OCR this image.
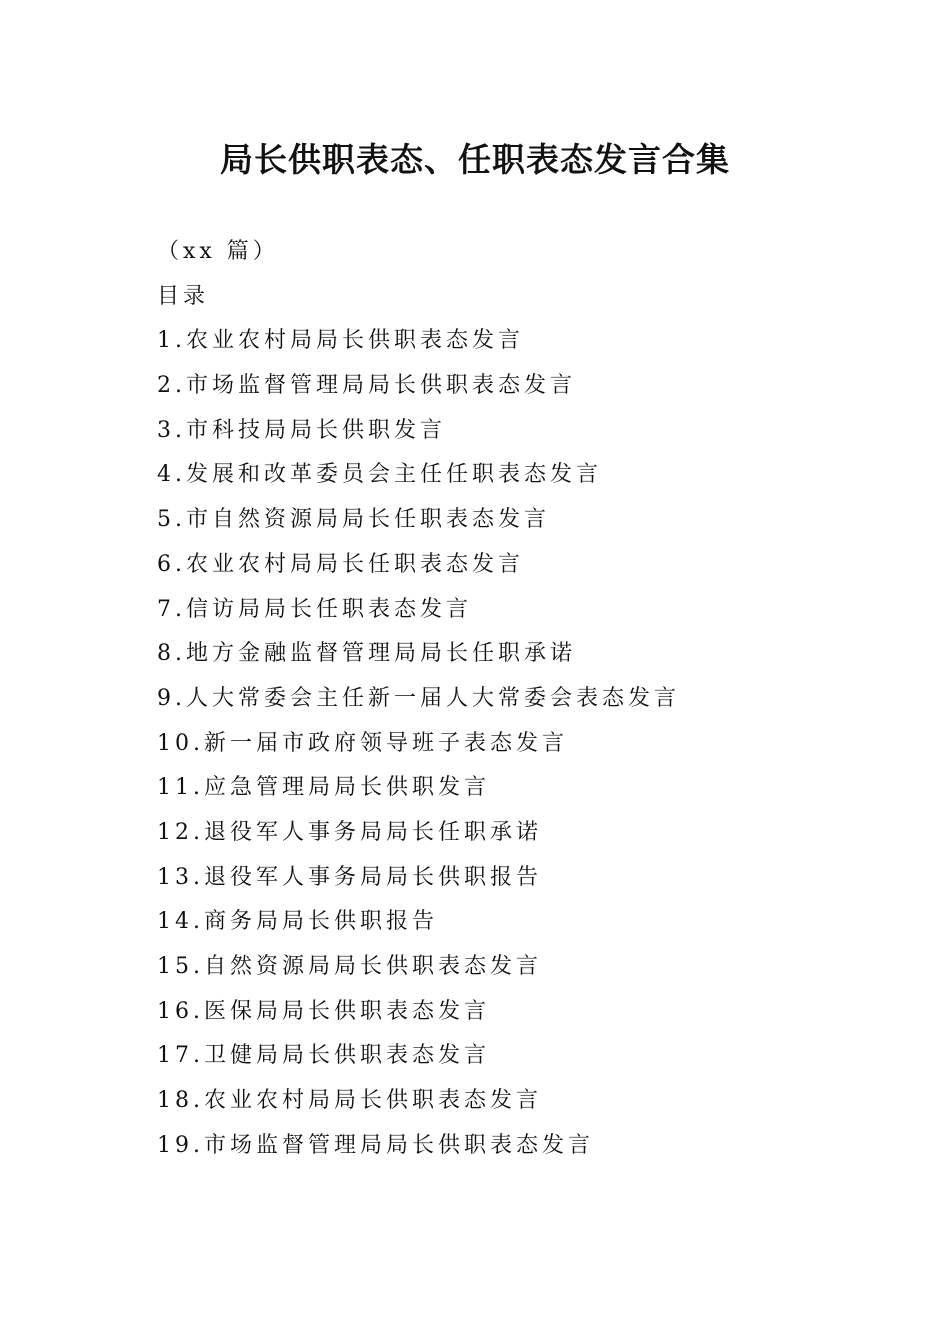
局长供职表态、任职表态发言合集
（xx 篇）
目录
1.农业农村局局长供职表态发言
2.市场监督管理局局长供职表态发言
3.市科技局局长供职发言
4.发展和改革委员会主任任职表态发言
5.市自然资源局局长任职表态发言
6.农业农村局局长任职表态发言
7.信访局局长任职表态发言
8.地方金融监督管理局局长任职承诺
9.人大常委会主任新一届人大常委会表态发言
10.新一届市政府领导班子表态发言
11.应急管理局局长供职发言
12.退役军人事务局局长任职承诺
13.退役军人事务局局长供职报告
14.商务局局长供职报告
15.自然资源局局长供职表态发言
16.医保局局长供职表态发言
17.卫健局局长供职表态发言
18.农业农村局局长供职表态发言
19.市场监督管理局局长供职表态发言
